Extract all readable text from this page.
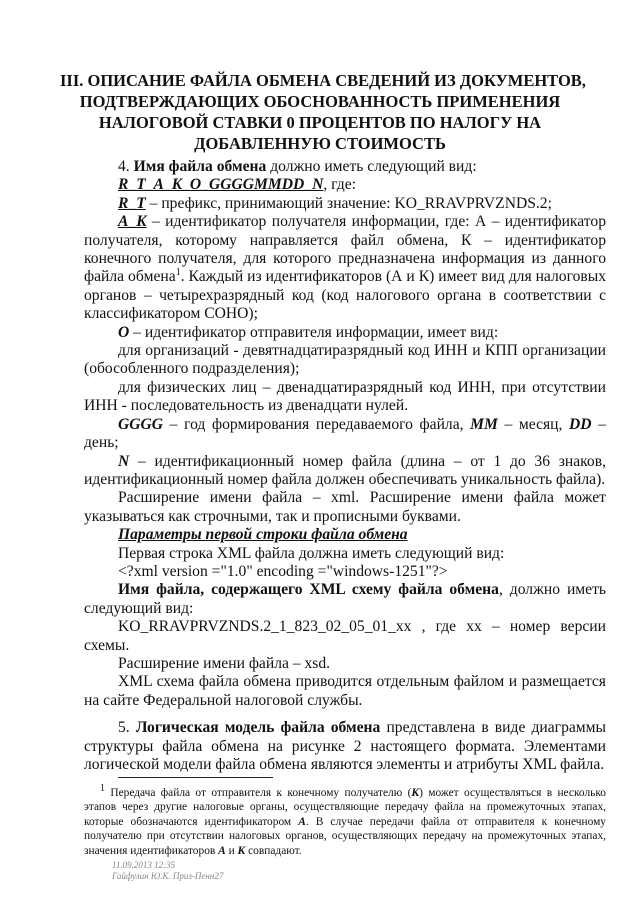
III. ОПИСАНИЕ ФАЙЛА ОБМЕНА СВЕДЕНИЙ ИЗ ДОКУМЕНТОВ,
ПОДТВЕРЖДАЮЩИХ ОБОСНОВАННОСТЬ ПРИМЕНЕНИЯ
НАЛОГОВОЙ СТАВКИ 0 ПРОЦЕНТОВ ПО НАЛОГУ НА
ДОБАВЛЕННУЮ СТОИМОСТЬ

4. Имя файла обмена должно иметь следующий вид:

R_T_A_K_O_GGGGMMDD_N, где:

R_T – префикс, принимающий значение: KO_RRAVPRVZNDS.2;

A_K – идентификатор получателя информации, где: А – идентификатор получателя, которому направляется файл обмена, К – идентификатор конечного получателя, для которого предназначена информация из данного файла обмена$^1$. Каждый из идентификаторов (А и К) имеет вид для налоговых органов – четырехразрядный код (код налогового органа в соответствии с классификатором СОНО);

O – идентификатор отправителя информации, имеет вид:

для организаций - девятнадцатиразрядный код ИНН и КПП организации (обособленного подразделения);

для физических лиц – двенадцатиразрядный код ИНН, при отсутствии ИНН - последовательность из двенадцати нулей.

GGGG – год формирования передаваемого файла, MM – месяц, DD – день;

N – идентификационный номер файла (длина – от 1 до 36 знаков, идентификационный номер файла должен обеспечивать уникальность файла).

Расширение имени файла – xml. Расширение имени файла может указываться как строчными, так и прописными буквами.

Параметры первой строки файла обмена

Первая строка XML файла должна иметь следующий вид:

<?xml version ="1.0" encoding ="windows-1251"?>

Имя файла, содержащего XML схему файла обмена, должно иметь следующий вид:

KO_RRAVPRVZNDS.2_1_823_02_05_01_xx , где хх – номер версии схемы.

Расширение имени файла – xsd.

XML схема файла обмена приводится отдельным файлом и размещается на сайте Федеральной налоговой службы.

5. Логическая модель файла обмена представлена в виде диаграммы структуры файла обмена на рисунке 2 настоящего формата. Элементами логической модели файла обмена являются элементы и атрибуты XML файла.

1 Передача файла от отправителя к конечному получателю (К) может осуществляться в несколько этапов через другие налоговые органы, осуществляющие передачу файла на промежуточных этапах, которые обозначаются идентификатором А. В случае передачи файла от отправителя к конечному получателю при отсутствии налоговых органов, осуществляющих передачу на промежуточных этапах, значения идентификаторов А и К совпадают.

11.09.2013 12:35
Гайфулин Ю.К. Приз-Пенн27
